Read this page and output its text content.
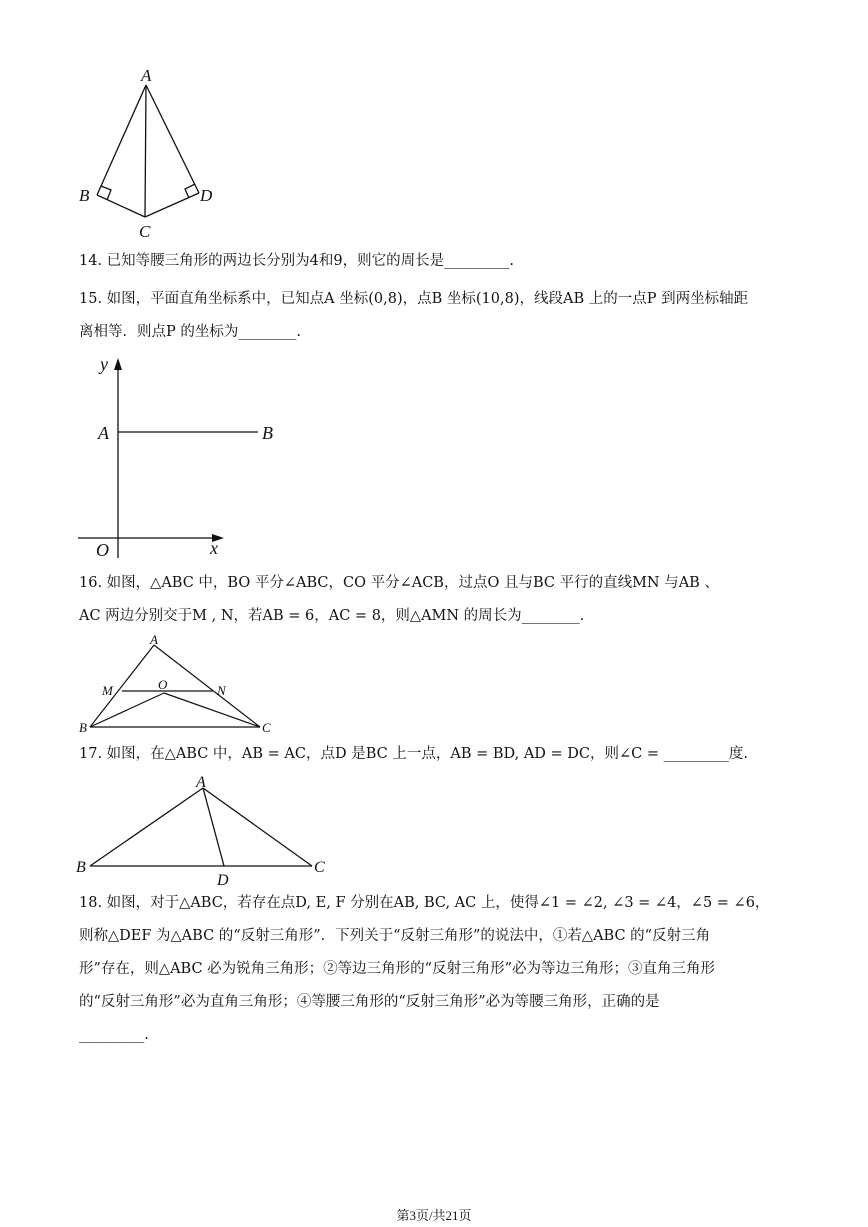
A
B
C
D

14. 已知等腰三角形的两边长分别为4和9，则它的周长是_________.

15. 如图，平面直角坐标系中，已知点A 坐标(0,8)，点B 坐标(10,8)，线段AB 上的一点P 到两坐标轴距

离相等．则点P 的坐标为________.

y
A	B
O	x

16. 如图，△ABC 中，BO 平分∠ABC，CO 平分∠ACB，过点O 且与BC 平行的直线MN 与AB 、

AC 两边分别交于M , N，若AB = 6，AC = 8，则△AMN 的周长为________.

A
M	O	N
B	C

17. 如图，在△ABC 中，AB = AC，点D 是BC 上一点，AB = BD, AD = DC，则∠C = _________度.

A
B
D
C

18. 如图，对于△ABC，若存在点D, E, F 分别在AB, BC, AC 上，使得∠1 = ∠2, ∠3 = ∠4，∠5 = ∠6，

则称△DEF 为△ABC 的“反射三角形”．下列关于“反射三角形”的说法中，①若△ABC 的“反射三角

形”存在，则△ABC 必为锐角三角形；②等边三角形的“反射三角形”必为等边三角形；③直角三角形

的“反射三角形”必为直角三角形；④等腰三角形的“反射三角形”必为等腰三角形，正确的是

_________.

第3页/共21页
